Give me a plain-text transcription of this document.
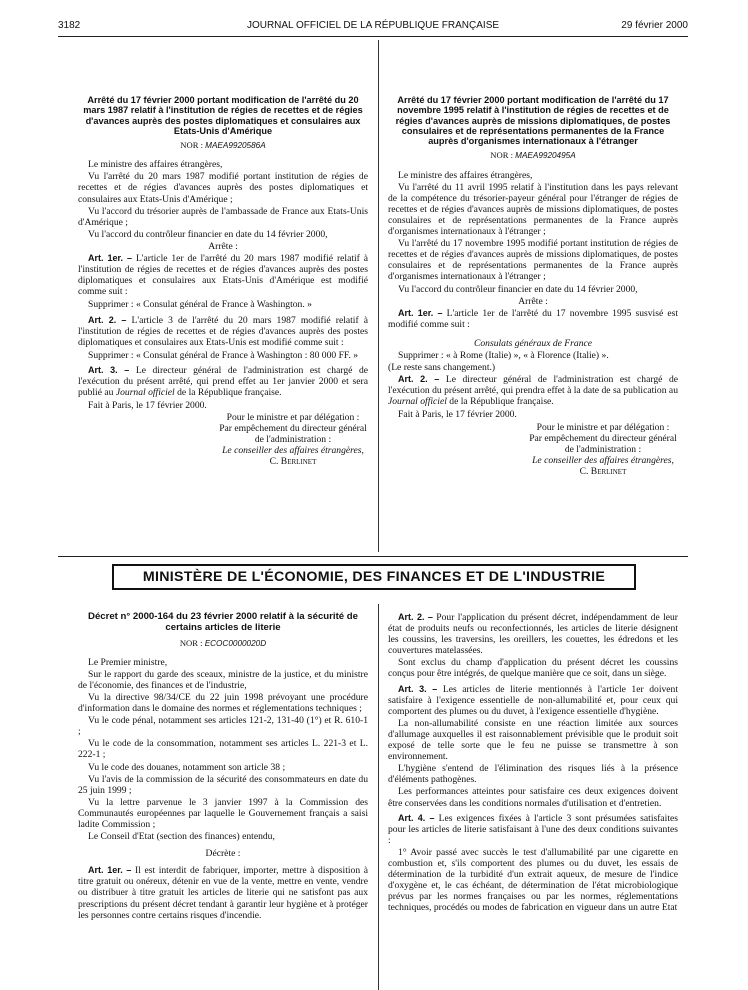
3182	JOURNAL OFFICIEL DE LA RÉPUBLIQUE FRANÇAISE	29 février 2000
Arrêté du 17 février 2000 portant modification de l'arrêté du 20 mars 1987 relatif à l'institution de régies de recettes et de régies d'avances auprès des postes diplomatiques et consulaires aux Etats-Unis d'Amérique
NOR : MAEA9920586A

Le ministre des affaires étrangères,

Vu l'arrêté du 20 mars 1987 modifié portant institution de régies de recettes et de régies d'avances auprès des postes diplomatiques et consulaires aux Etats-Unis d'Amérique ;

Vu l'accord du trésorier auprès de l'ambassade de France aux Etats-Unis d'Amérique ;

Vu l'accord du contrôleur financier en date du 14 février 2000,

Arrête :

Art. 1er. – L'article 1er de l'arrêté du 20 mars 1987 modifié relatif à l'institution de régies de recettes et de régies d'avances auprès des postes diplomatiques et consulaires aux Etats-Unis d'Amérique est modifié comme suit :

Supprimer : « Consulat général de France à Washington. »

Art. 2. – L'article 3 de l'arrêté du 20 mars 1987 modifié relatif à l'institution de régies de recettes et de régies d'avances auprès des postes diplomatiques et consulaires aux Etats-Unis est modifié comme suit :

Supprimer : « Consulat général de France à Washington : 80 000 FF. »

Art. 3. – Le directeur général de l'administration est chargé de l'exécution du présent arrêté, qui prend effet au 1er janvier 2000 et sera publié au Journal officiel de la République française.

Fait à Paris, le 17 février 2000.

Pour le ministre et par délégation :
Par empêchement du directeur général de l'administration :
Le conseiller des affaires étrangères,
C. Berlinet
Arrêté du 17 février 2000 portant modification de l'arrêté du 17 novembre 1995 relatif à l'institution de régies de recettes et de régies d'avances auprès de missions diplomatiques, de postes consulaires et de représentations permanentes de la France auprès d'organismes internationaux à l'étranger
NOR : MAEA9920495A

Le ministre des affaires étrangères,

Vu l'arrêté du 11 avril 1995 relatif à l'institution dans les pays relevant de la compétence du trésorier-payeur général pour l'étranger de régies de recettes et de régies d'avances auprès de missions diplomatiques, de postes consulaires et de représentations permanentes de la France auprès d'organismes internationaux à l'étranger ;

Vu l'arrêté du 17 novembre 1995 modifié portant institution de régies de recettes et de régies d'avances auprès de missions diplomatiques, de postes consulaires et de représentations permanentes de la France auprès d'organismes internationaux à l'étranger ;

Vu l'accord du contrôleur financier en date du 14 février 2000,

Arrête :

Art. 1er. – L'article 1er de l'arrêté du 17 novembre 1995 susvisé est modifié comme suit :

Consulats généraux de France

Supprimer : « à Rome (Italie) », « à Florence (Italie) ».

(Le reste sans changement.)

Art. 2. – Le directeur général de l'administration est chargé de l'exécution du présent arrêté, qui prendra effet à la date de sa publication au Journal officiel de la République française.

Fait à Paris, le 17 février 2000.

Pour le ministre et par délégation :
Par empêchement du directeur général de l'administration :
Le conseiller des affaires étrangères,
C. Berlinet
MINISTÈRE DE L'ÉCONOMIE, DES FINANCES ET DE L'INDUSTRIE
Décret n° 2000-164 du 23 février 2000 relatif à la sécurité de certains articles de literie
NOR : ECOC0000020D

Le Premier ministre,

Sur le rapport du garde des sceaux, ministre de la justice, et du ministre de l'économie, des finances et de l'industrie,

Vu la directive 98/34/CE du 22 juin 1998 prévoyant une procédure d'information dans le domaine des normes et réglementations techniques ;

Vu le code pénal, notamment ses articles 121-2, 131-40 (1°) et R. 610-1 ;

Vu le code de la consommation, notamment ses articles L. 221-3 et L. 222-1 ;

Vu le code des douanes, notamment son article 38 ;

Vu l'avis de la commission de la sécurité des consommateurs en date du 25 juin 1999 ;

Vu la lettre parvenue le 3 janvier 1997 à la Commission des Communautés européennes par laquelle le Gouvernement français a saisi ladite Commission ;

Le Conseil d'Etat (section des finances) entendu,

Décrète :

Art. 1er. – Il est interdit de fabriquer, importer, mettre à disposition à titre gratuit ou onéreux, détenir en vue de la vente, mettre en vente, vendre ou distribuer à titre gratuit les articles de literie qui ne satisfont pas aux prescriptions du présent décret tendant à garantir leur hygiène et à protéger les personnes contre certains risques d'incendie.

Art. 2. – Pour l'application du présent décret, indépendamment de leur état de produits neufs ou reconfectionnés, les articles de literie désignent les coussins, les traversins, les oreillers, les couettes, les édredons et les couvertures matelassées.

Sont exclus du champ d'application du présent décret les coussins conçus pour être intégrés, de quelque manière que ce soit, dans un siège.

Art. 3. – Les articles de literie mentionnés à l'article 1er doivent satisfaire à l'exigence essentielle de non-allumabilité et, pour ceux qui comportent des plumes ou du duvet, à l'exigence essentielle d'hygiène.

La non-allumabilité consiste en une réaction limitée aux sources d'allumage auxquelles il est raisonnablement prévisible que le produit soit exposé de telle sorte que le feu ne puisse se transmettre à son environnement.

L'hygiène s'entend de l'élimination des risques liés à la présence d'éléments pathogènes.

Les performances atteintes pour satisfaire ces deux exigences doivent être conservées dans les conditions normales d'utilisation et d'entretien.

Art. 4. – Les exigences fixées à l'article 3 sont présumées satisfaites pour les articles de literie satisfaisant à l'une des deux conditions suivantes :

1° Avoir passé avec succès le test d'allumabilité par une cigarette en combustion et, s'ils comportent des plumes ou du duvet, les essais de détermination de la turbidité d'un extrait aqueux, de mesure de l'indice d'oxygène et, le cas échéant, de détermination de l'état microbiologique prévus par les normes françaises ou par les normes, réglementations techniques, procédés ou modes de fabrication en vigueur dans un autre Etat
